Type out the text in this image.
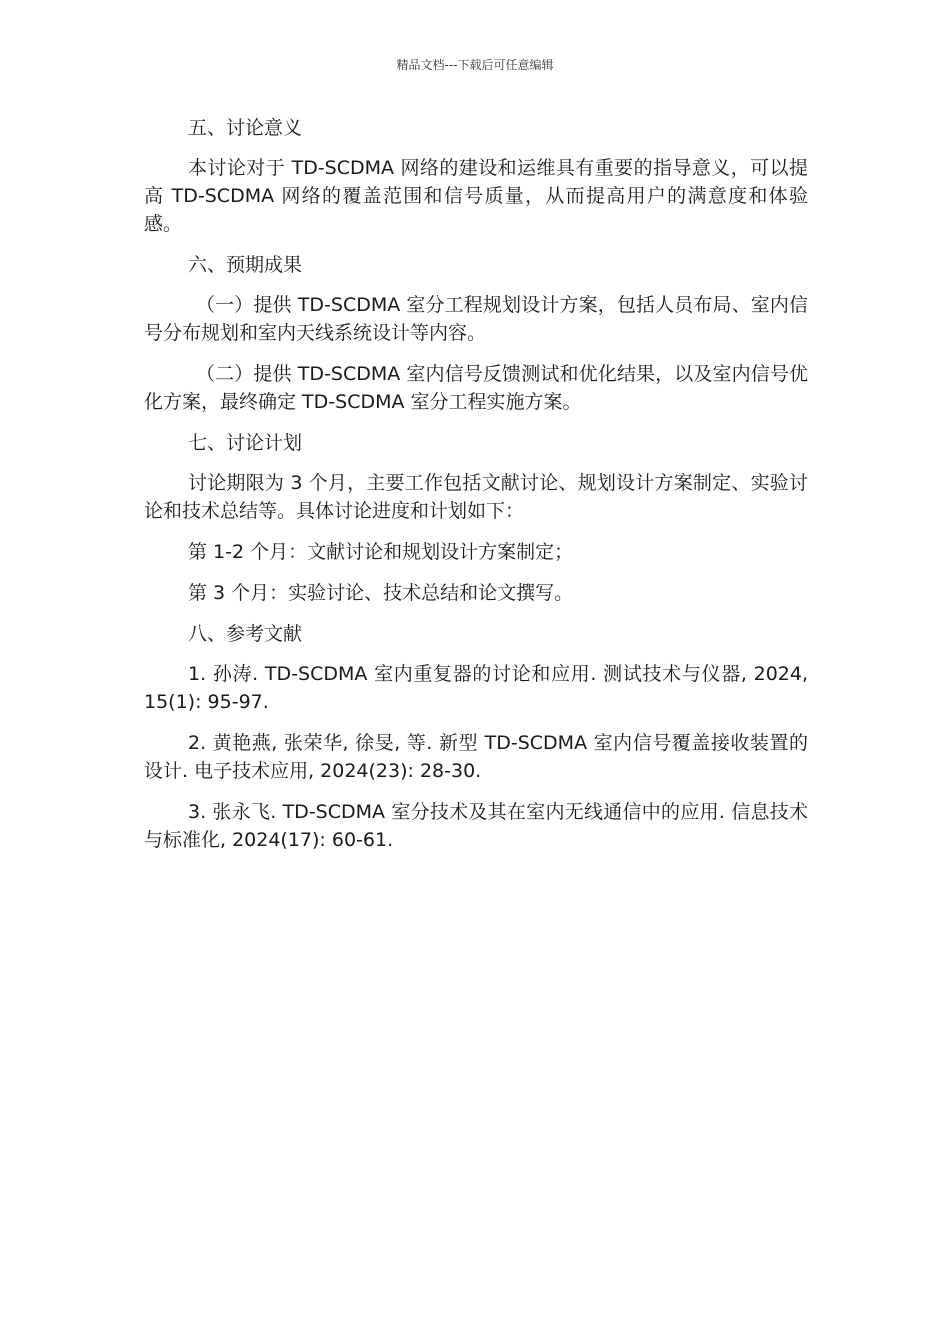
精品文档---下载后可任意编辑

五、讨论意义

本讨论对于 TD-SCDMA 网络的建设和运维具有重要的指导意义，可以提高 TD-SCDMA 网络的覆盖范围和信号质量，从而提高用户的满意度和体验感。

六、预期成果

（一）提供 TD-SCDMA 室分工程规划设计方案，包括人员布局、室内信号分布规划和室内天线系统设计等内容。

（二）提供 TD-SCDMA 室内信号反馈测试和优化结果，以及室内信号优化方案，最终确定 TD-SCDMA 室分工程实施方案。

七、讨论计划

讨论期限为 3 个月，主要工作包括文献讨论、规划设计方案制定、实验讨论和技术总结等。具体讨论进度和计划如下：

第 1-2 个月：文献讨论和规划设计方案制定；

第 3 个月：实验讨论、技术总结和论文撰写。

八、参考文献

1. 孙涛. TD-SCDMA 室内重复器的讨论和应用. 测试技术与仪器, 2024, 15(1): 95-97.

2. 黄艳燕, 张荣华, 徐旻, 等. 新型 TD-SCDMA 室内信号覆盖接收装置的设计. 电子技术应用, 2024(23): 28-30.

3. 张永飞. TD-SCDMA 室分技术及其在室内无线通信中的应用. 信息技术与标准化, 2024(17): 60-61.
